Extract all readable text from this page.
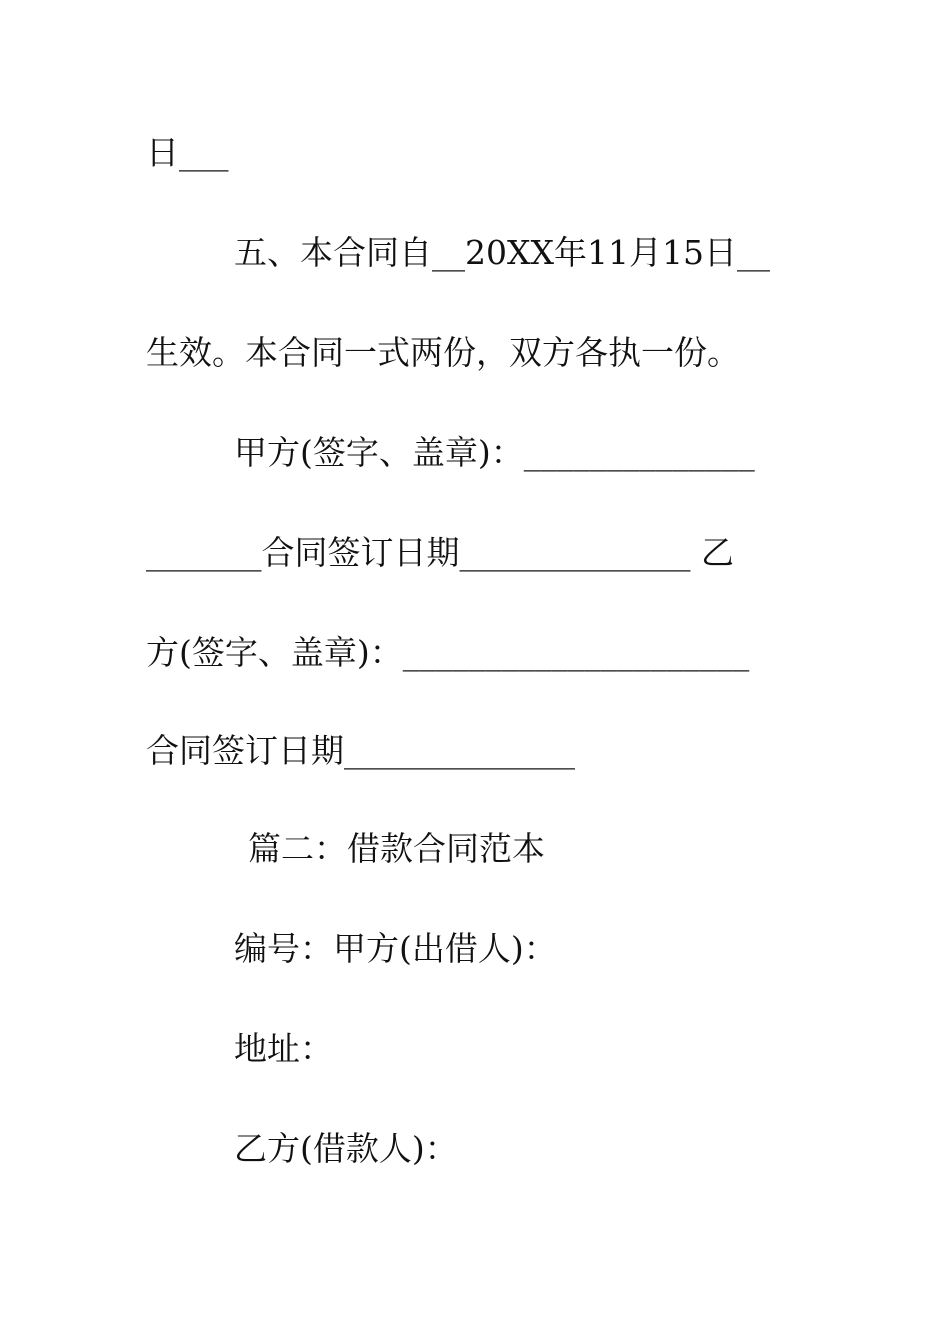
日___
五、本合同自__20XX年11月15日__
生效。本合同一式两份，双方各执一份。
甲方(签字、盖章)：______________
_______合同签订日期______________ 乙
方(签字、盖章)：_____________________
合同签订日期______________
篇二：借款合同范本
编号：甲方(出借人)：
地址：
乙方(借款人)：
